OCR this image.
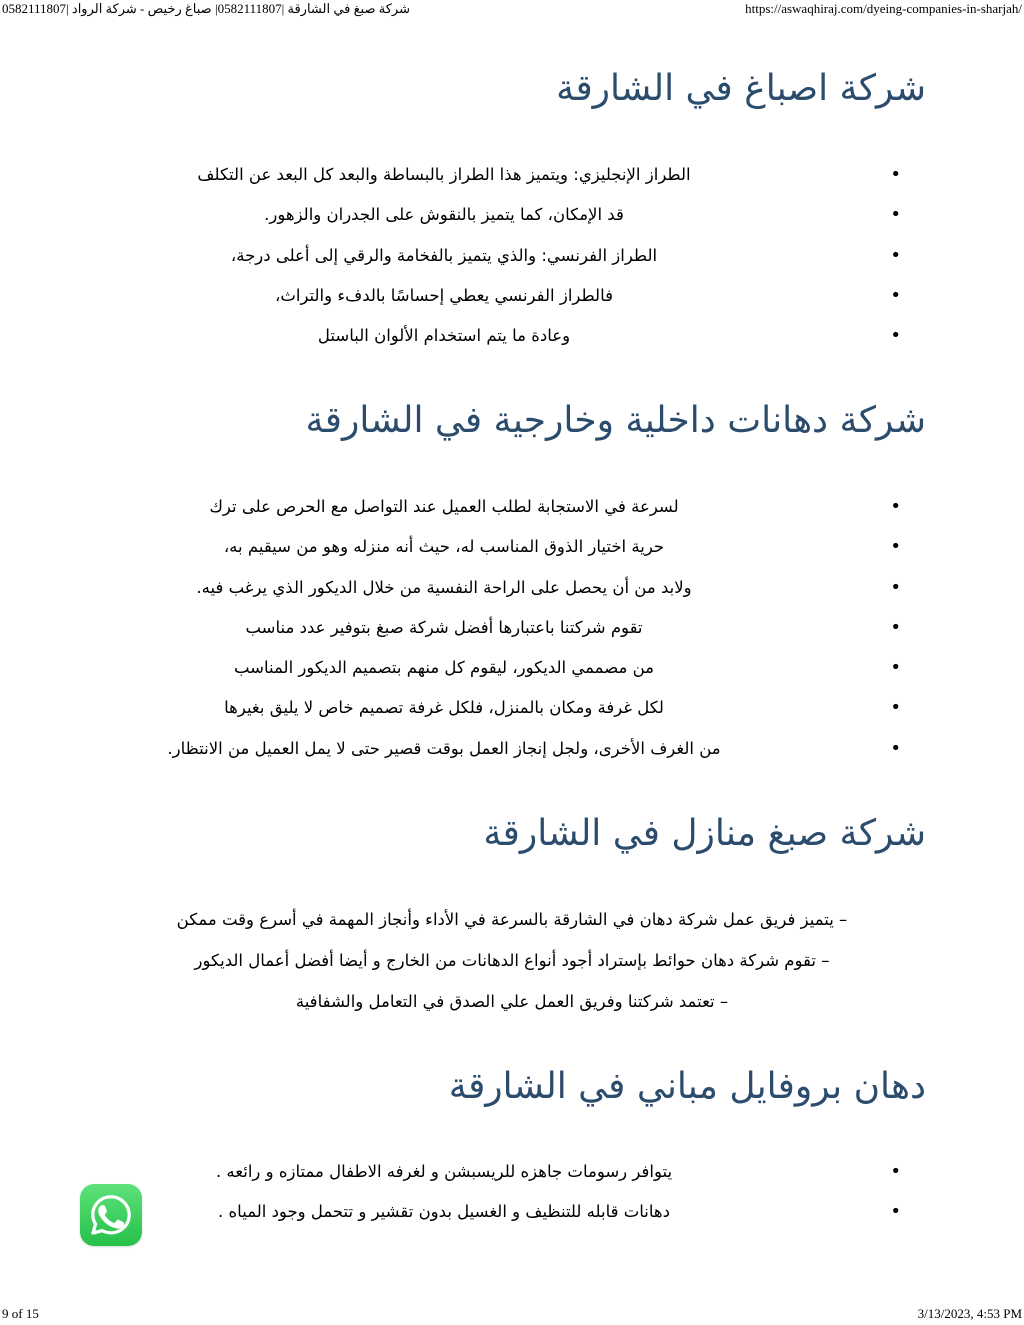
شركة صبغ في الشارقة |0582111807| صباغ رخيص - شركة الرواد |0582111807	https://aswaqhiraj.com/dyeing-companies-in-sharjah/
شركة اصباغ في الشارقة
•
الطراز الإنجليزي: ويتميز هذا الطراز بالبساطة والبعد كل البعد عن التكلف
•
قد الإمكان، كما يتميز بالنقوش على الجدران والزهور.
•
الطراز الفرنسي: والذي يتميز بالفخامة والرقي إلى أعلى درجة،
•
فالطراز الفرنسي يعطي إحساسًا بالدفء والتراث،
•
وعادة ما يتم استخدام الألوان الباستل
شركة دهانات داخلية وخارجية في الشارقة
•
لسرعة في الاستجابة لطلب العميل عند التواصل مع الحرص على ترك
•
حرية اختيار الذوق المناسب له، حيث أنه منزله وهو من سيقيم به،
•
ولابد من أن يحصل على الراحة النفسية من خلال الديكور الذي يرغب فيه.
•
تقوم شركتنا باعتبارها أفضل شركة صبغ بتوفير عدد مناسب
•
من مصممي الديكور، ليقوم كل منهم بتصميم الديكور المناسب
•
لكل غرفة ومكان بالمنزل، فلكل غرفة تصميم خاص لا يليق بغيرها
•
من الغرف الأخرى، ولجل إنجاز العمل بوقت قصير حتى لا يمل العميل من الانتظار.
شركة صبغ منازل في الشارقة
– يتميز فريق عمل شركة دهان في الشارقة بالسرعة في الأداء وأنجاز المهمة في أسرع وقت ممكن
– تقوم شركة دهان حوائط بإستراد أجود أنواع الدهانات من الخارج و أيضا أفضل أعمال الديكور
– تعتمد شركتنا وفريق العمل علي الصدق في التعامل والشفافية
دهان بروفايل مباني في الشارقة
•
يتوافر رسومات جاهزه للريسبشن و لغرفه الاطفال ممتازه و رائعه .
•
دهانات قابله للتنظيف و الغسيل بدون تقشير و تتحمل وجود المياه .
9 of 15	3/13/2023, 4:53 PM
